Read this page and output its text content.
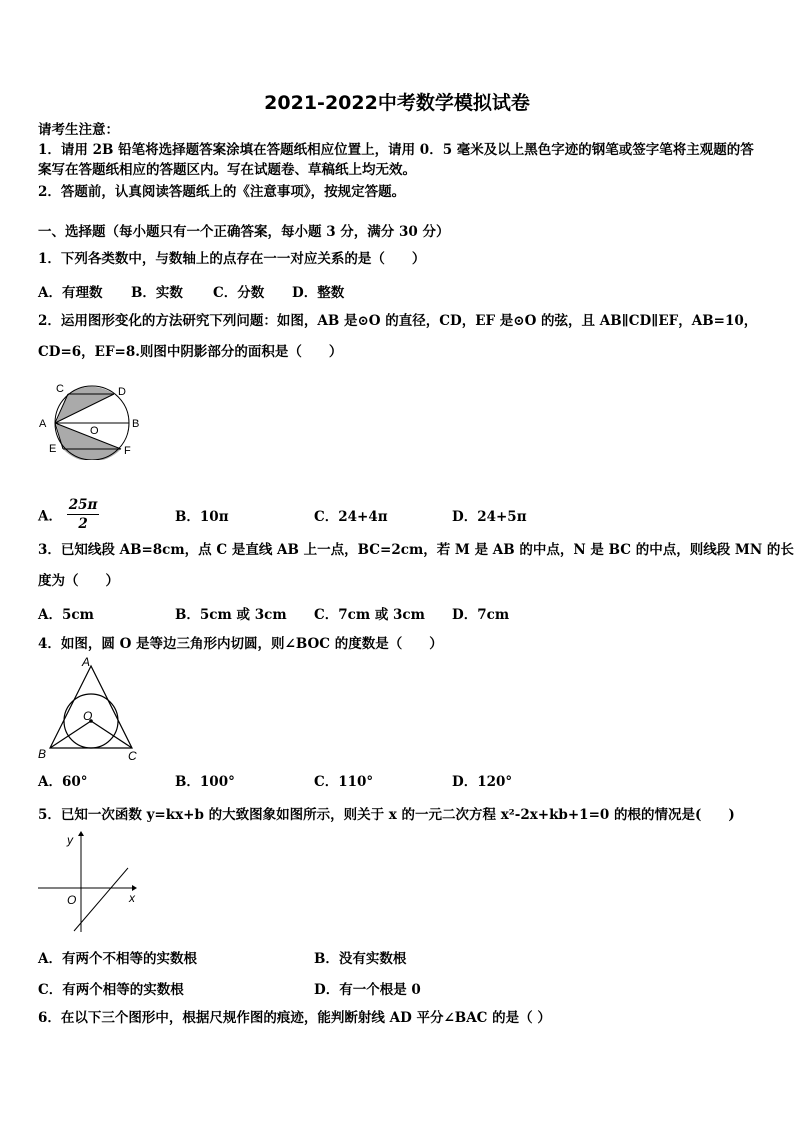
2021-2022中考数学模拟试卷
请考生注意：
1．请用 2B 铅笔将选择题答案涂填在答题纸相应位置上，请用 0．5 毫米及以上黑色字迹的钢笔或签字笔将主观题的答
案写在答题纸相应的答题区内。写在试题卷、草稿纸上均无效。
2．答题前，认真阅读答题纸上的《注意事项》，按规定答题。
一、选择题（每小题只有一个正确答案，每小题 3 分，满分 30 分）
1．下列各类数中，与数轴上的点存在一一对应关系的是（　　）
A．有理数 B．实数 C．分数 D．整数
2．运用图形变化的方法研究下列问题：如图，AB 是⊙O 的直径，CD，EF 是⊙O 的弦，且 AB∥CD∥EF，AB=10，
CD=6，EF=8.则图中阴影部分的面积是（　　）
A	B
C	D
E	F
O
A． $\frac{25\pi}{2}$	B．10π	C．24+4π	D．24+5π
3．已知线段 AB=8cm，点 C 是直线 AB 上一点，BC=2cm，若 M 是 AB 的中点，N 是 BC 的中点，则线段 MN 的长
度为（　　）
A．5cm	B．5cm 或 3cm C．7cm 或 3cm D．7cm
4．如图，圆 O 是等边三角形内切圆，则∠BOC 的度数是（　　）
A
B	C
O
A．60°	B．100°	C．110°	D．120°
5．已知一次函数 y=kx+b 的大致图象如图所示，则关于 x 的一元二次方程 x²-2x+kb+1=0 的根的情况是(　　)
y
x
O
A．有两个不相等的实数根	B．没有实数根
C．有两个相等的实数根	D．有一个根是 0
6．在以下三个图形中，根据尺规作图的痕迹，能判断射线 AD 平分∠BAC 的是（ ）
